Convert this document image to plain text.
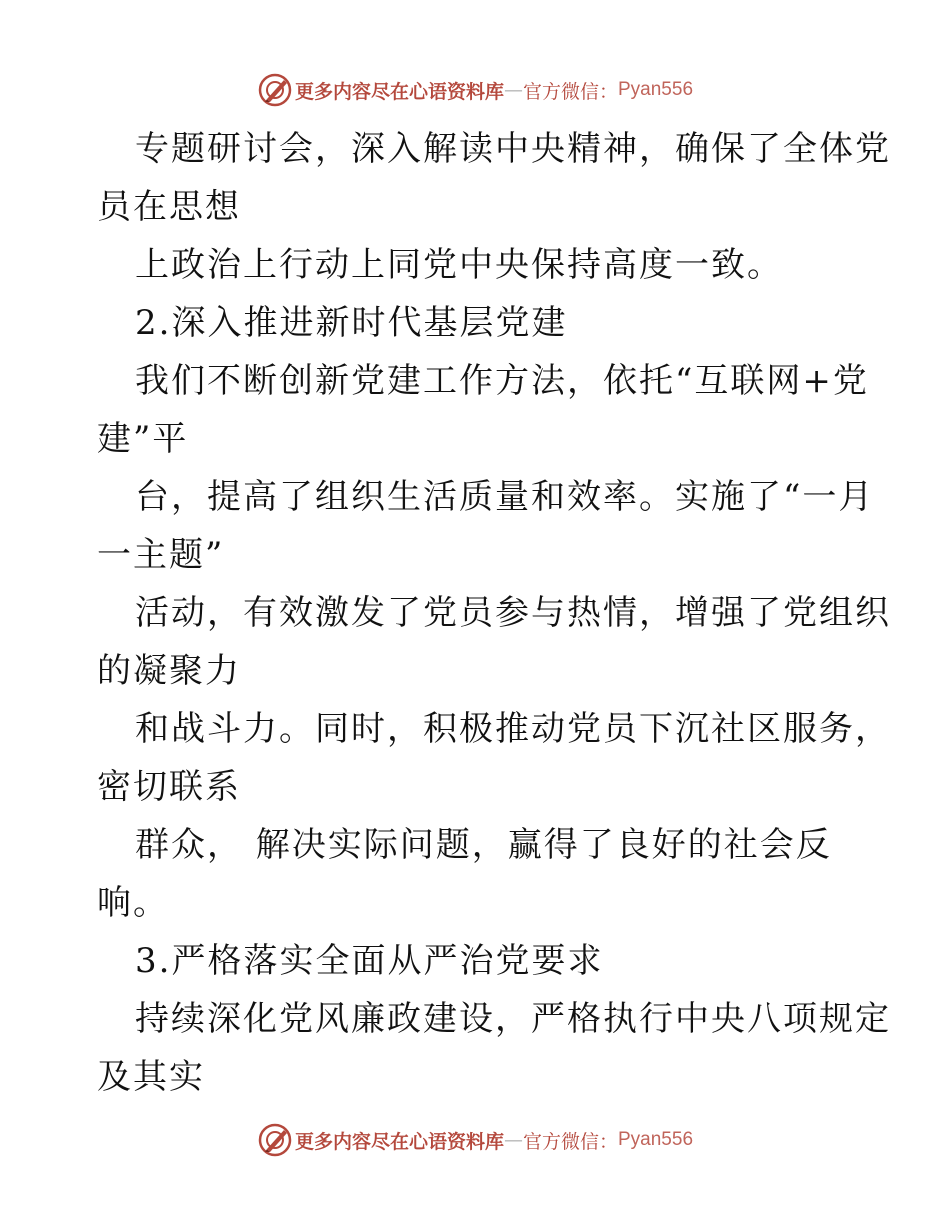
更多内容尽在心语资料库 — 官方微信： Pyan556

专题研讨会，深入解读中央精神，确保了全体党

员在思想

上政治上行动上同党中央保持高度一致。

2.深入推进新时代基层党建

我们不断创新党建工作方法，依托“互联网+党

建”平

台，提高了组织生活质量和效率。实施了“一月

一主题”

活动，有效激发了党员参与热情，增强了党组织

的凝聚力

和战斗力。同时，积极推动党员下沉社区服务，

密切联系

群众， 解决实际问题，赢得了良好的社会反

响。

3.严格落实全面从严治党要求

持续深化党风廉政建设，严格执行中央八项规定

及其实

更多内容尽在心语资料库 — 官方微信： Pyan556
